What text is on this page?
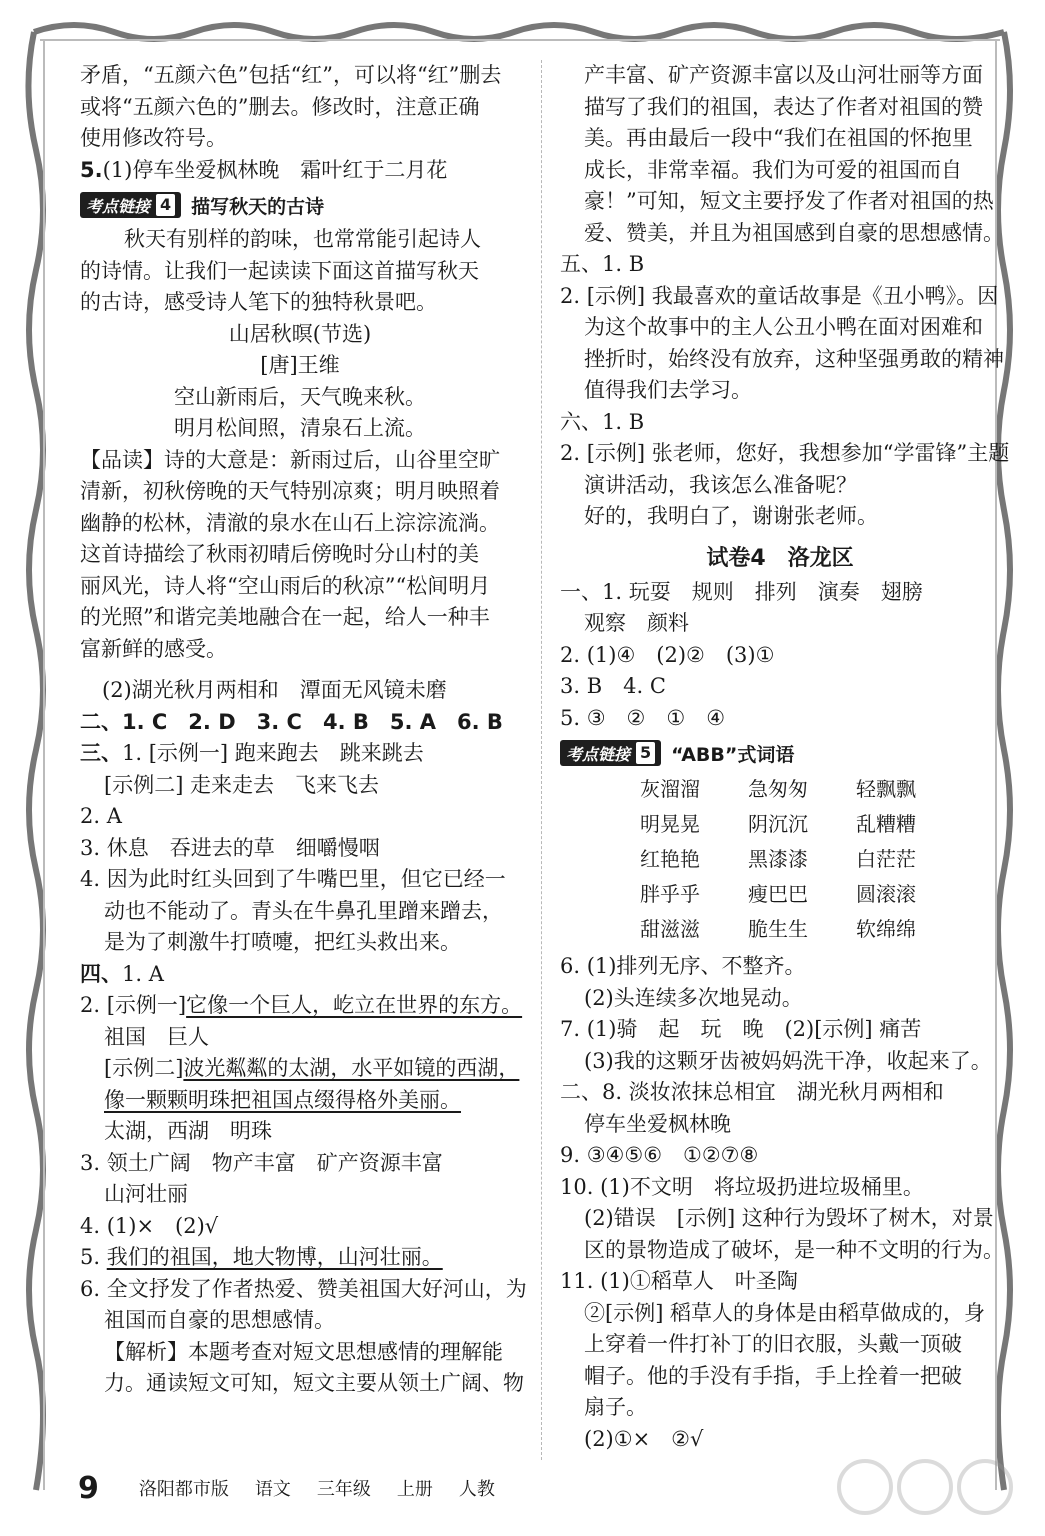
矛盾，“五颜六色”包括“红”，可以将“红”删去
或将“五颜六色的”删去。修改时，注意正确
使用修改符号。
5.(1)停车坐爱枫林晚　霜叶红于二月花
考点链接 4 描写秋天的古诗
秋天有别样的韵味，也常常能引起诗人
的诗情。让我们一起读读下面这首描写秋天
的古诗，感受诗人笔下的独特秋景吧。
山居秋暝(节选)
[唐]王维
空山新雨后，天气晚来秋。
明月松间照，清泉石上流。
【品读】诗的大意是：新雨过后，山谷里空旷
清新，初秋傍晚的天气特别凉爽；明月映照着
幽静的松林，清澈的泉水在山石上淙淙流淌。
这首诗描绘了秋雨初晴后傍晚时分山村的美
丽风光，诗人将“空山雨后的秋凉”“松间明月
的光照”和谐完美地融合在一起，给人一种丰
富新鲜的感受。
(2)湖光秋月两相和　潭面无风镜未磨
二、1. C　2. D　3. C　4. B　5. A　6. B
三、1. [示例一] 跑来跑去　跳来跳去
[示例二] 走来走去　飞来飞去
2. A
3. 休息　吞进去的草　细嚼慢咽
4. 因为此时红头回到了牛嘴巴里，但它已经一
动也不能动了。青头在牛鼻孔里蹭来蹭去，
是为了刺激牛打喷嚏，把红头救出来。
四、1. A
2. [示例一]它像一个巨人，屹立在世界的东方。
祖国　巨人
[示例二]波光粼粼的太湖，水平如镜的西湖，
像一颗颗明珠把祖国点缀得格外美丽。
太湖，西湖　明珠
3. 领土广阔　物产丰富　矿产资源丰富
山河壮丽
4. (1)×　(2)√
5. 我们的祖国，地大物博，山河壮丽。
6. 全文抒发了作者热爱、赞美祖国大好河山，为
祖国而自豪的思想感情。
【解析】本题考查对短文思想感情的理解能
力。通读短文可知，短文主要从领土广阔、物
产丰富、矿产资源丰富以及山河壮丽等方面
描写了我们的祖国，表达了作者对祖国的赞
美。再由最后一段中“我们在祖国的怀抱里
成长，非常幸福。我们为可爱的祖国而自
豪！”可知，短文主要抒发了作者对祖国的热
爱、赞美，并且为祖国感到自豪的思想感情。
五、1. B
2. [示例] 我最喜欢的童话故事是《丑小鸭》。因
为这个故事中的主人公丑小鸭在面对困难和
挫折时，始终没有放弃，这种坚强勇敢的精神
值得我们去学习。
六、1. B
2. [示例] 张老师，您好，我想参加“学雷锋”主题
演讲活动，我该怎么准备呢？
好的，我明白了，谢谢张老师。
试卷4　洛龙区
一、1. 玩耍　规则　排列　演奏　翅膀
观察　颜料
2. (1)④　(2)②　(3)①
3. B　4. C
5. ③　②　①　④
考点链接 5 “ABB”式词语
灰溜溜	急匆匆	轻飘飘
明晃晃	阴沉沉	乱糟糟
红艳艳	黑漆漆	白茫茫
胖乎乎	瘦巴巴	圆滚滚
甜滋滋	脆生生	软绵绵
6. (1)排列无序、不整齐。
(2)头连续多次地晃动。
7. (1)骑　起　玩　晚　(2)[示例] 痛苦
(3)我的这颗牙齿被妈妈洗干净，收起来了。
二、8. 淡妆浓抹总相宜　湖光秋月两相和
停车坐爱枫林晚
9. ③④⑤⑥　①②⑦⑧
10. (1)不文明　将垃圾扔进垃圾桶里。
(2)错误　[示例] 这种行为毁坏了树木，对景
区的景物造成了破坏，是一种不文明的行为。
11. (1)①稻草人　叶圣陶
②[示例] 稻草人的身体是由稻草做成的，身
上穿着一件打补丁的旧衣服，头戴一顶破
帽子。他的手没有手指，手上拴着一把破
扇子。
(2)①×　②√
9 洛阳都市版 语文 三年级 上册 人教
